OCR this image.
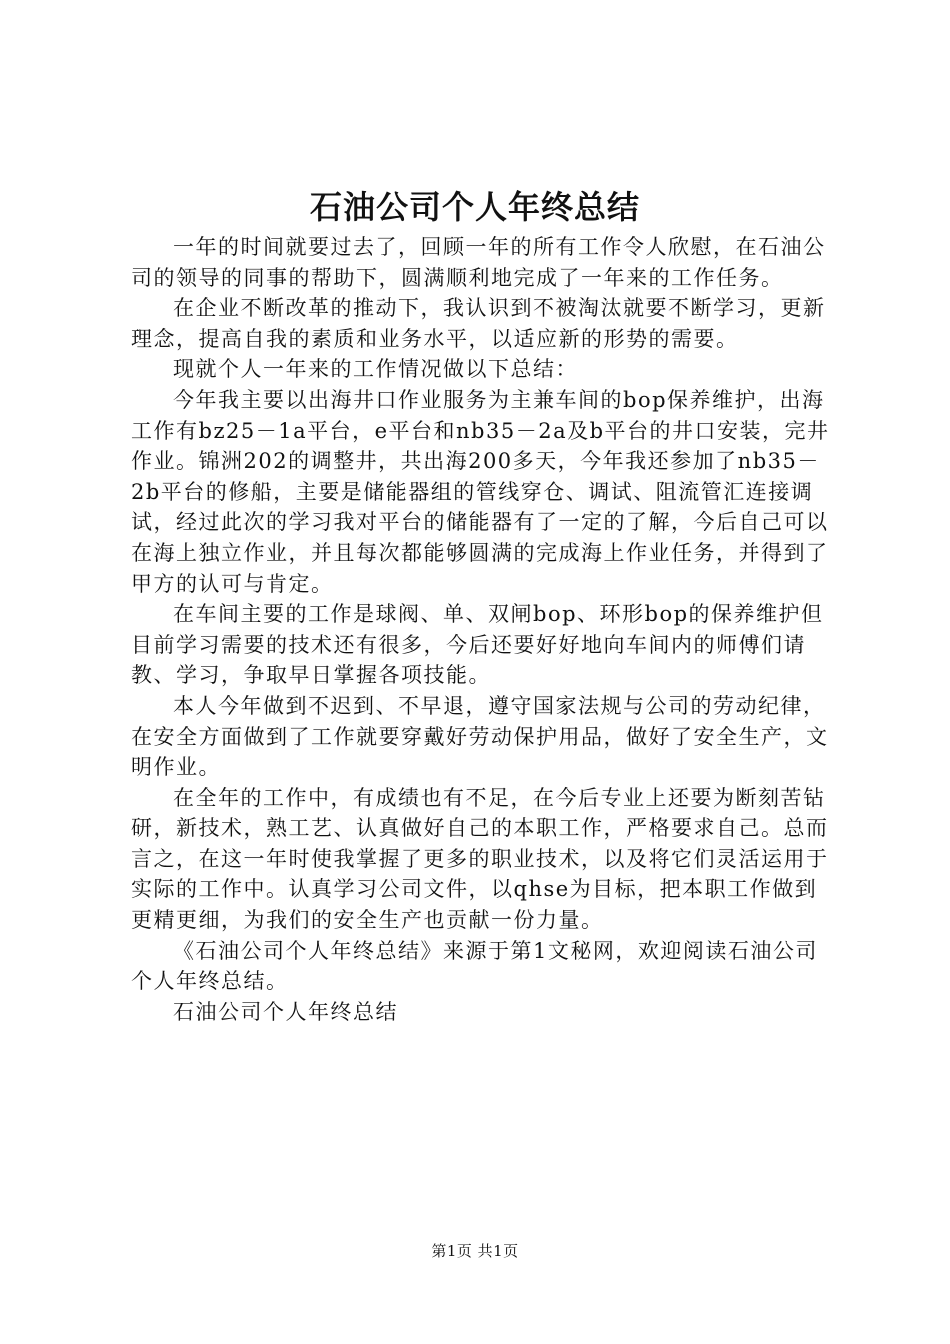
石油公司个人年终总结

一年的时间就要过去了，回顾一年的所有工作令人欣慰，在石油公司的领导的同事的帮助下，圆满顺利地完成了一年来的工作任务。

在企业不断改革的推动下，我认识到不被淘汰就要不断学习，更新理念，提高自我的素质和业务水平，以适应新的形势的需要。

现就个人一年来的工作情况做以下总结：

今年我主要以出海井口作业服务为主兼车间的bop保养维护，出海工作有bz25－1a平台，e平台和nb35－2a及b平台的井口安装，完井作业。锦洲202的调整井，共出海200多天，今年我还参加了nb35－2b平台的修船，主要是储能器组的管线穿仓、调试、阻流管汇连接调试，经过此次的学习我对平台的储能器有了一定的了解，今后自己可以在海上独立作业，并且每次都能够圆满的完成海上作业任务，并得到了甲方的认可与肯定。

在车间主要的工作是球阀、单、双闸bop、环形bop的保养维护但目前学习需要的技术还有很多，今后还要好好地向车间内的师傅们请教、学习，争取早日掌握各项技能。

本人今年做到不迟到、不早退，遵守国家法规与公司的劳动纪律，在安全方面做到了工作就要穿戴好劳动保护用品，做好了安全生产，文明作业。

在全年的工作中，有成绩也有不足，在今后专业上还要为断刻苦钻研，新技术，熟工艺、认真做好自己的本职工作，严格要求自己。总而言之，在这一年时使我掌握了更多的职业技术，以及将它们灵活运用于实际的工作中。认真学习公司文件，以qhse为目标，把本职工作做到更精更细，为我们的安全生产也贡献一份力量。

《石油公司个人年终总结》来源于第1文秘网，欢迎阅读石油公司个人年终总结。

石油公司个人年终总结

第1页 共1页
